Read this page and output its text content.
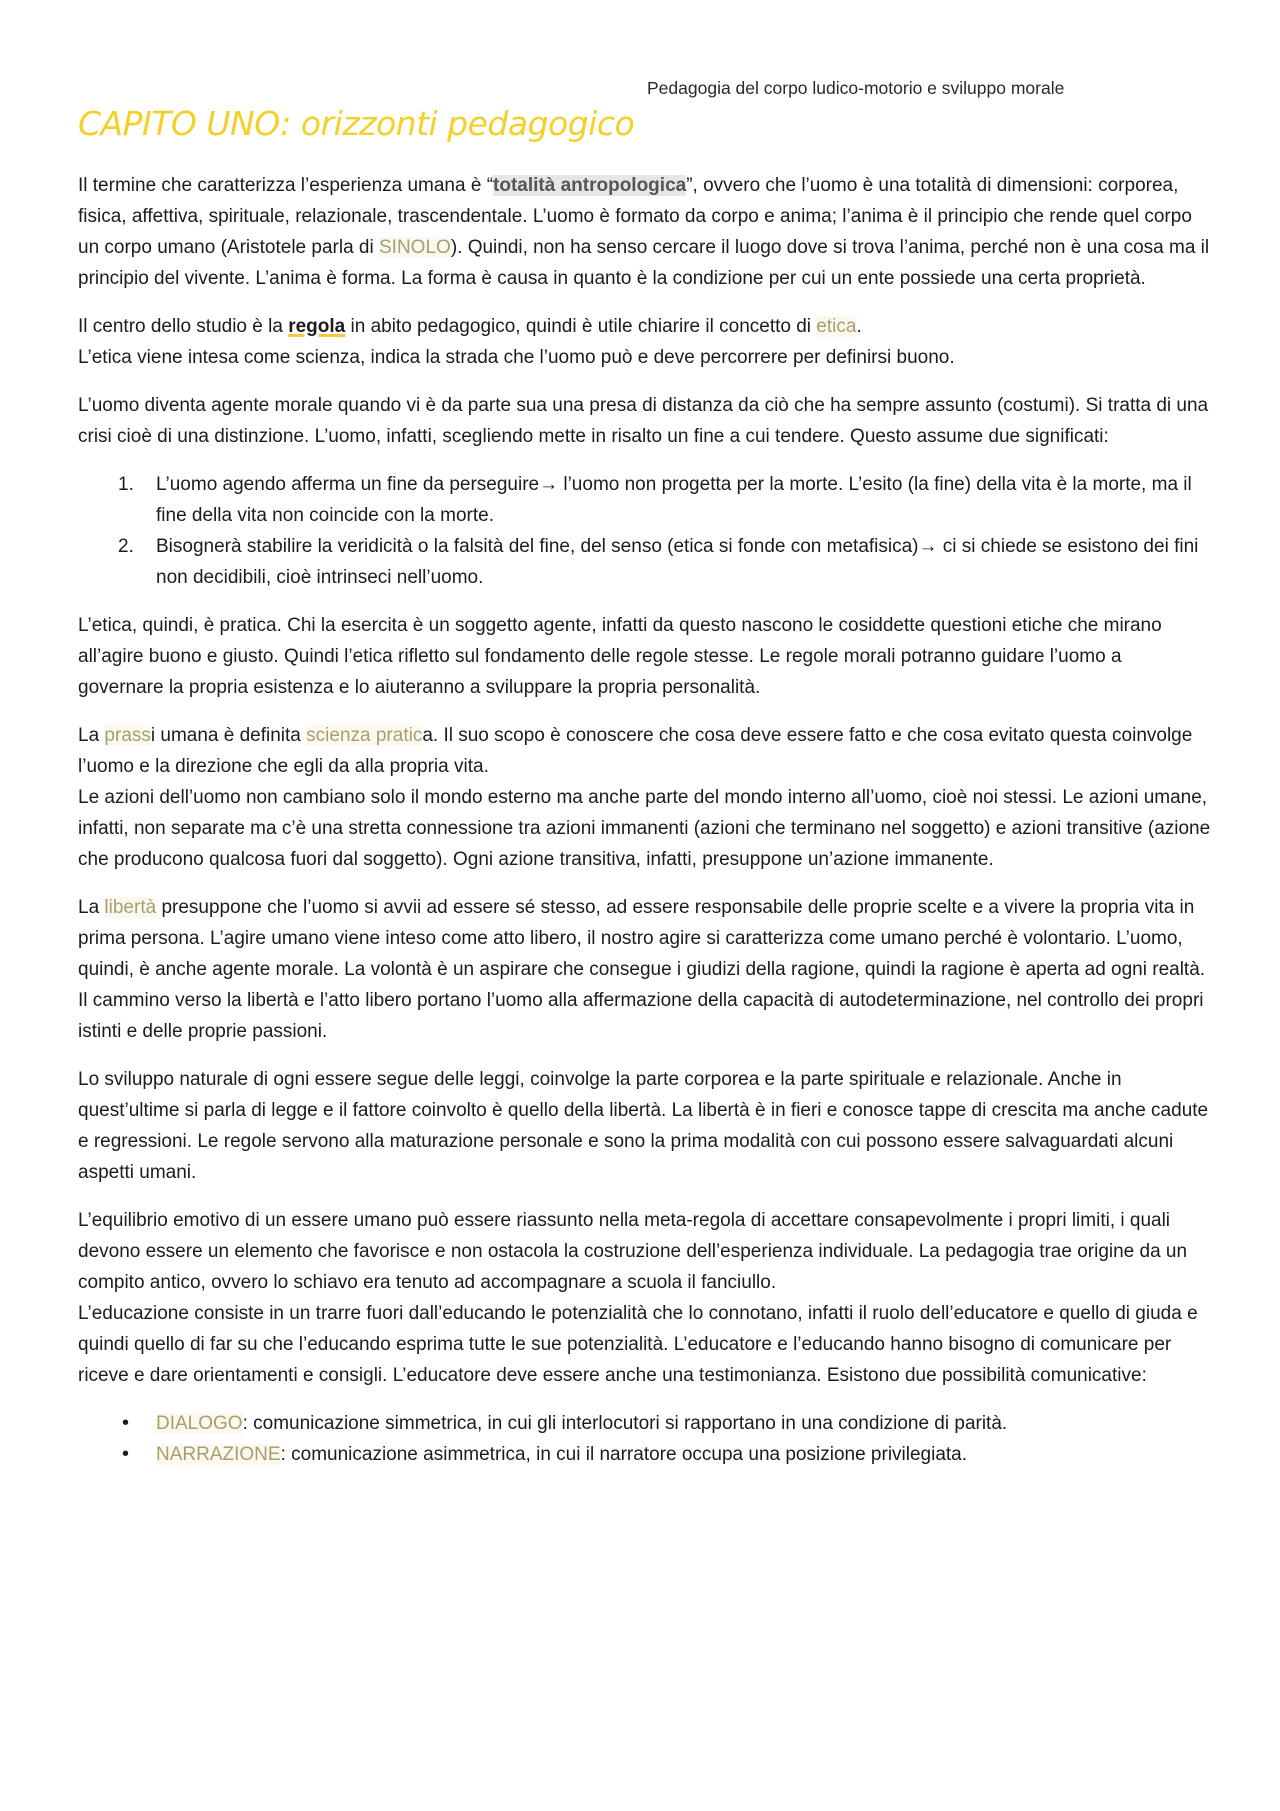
Pedagogia del corpo ludico-motorio e sviluppo morale
CAPITO UNO: orizzonti pedagogico

Il termine che caratterizza l’esperienza umana è “totalità antropologica”, ovvero che l’uomo è una totalità di dimensioni: corporea, fisica, affettiva, spirituale, relazionale, trascendentale. L’uomo è formato da corpo e anima; l’anima è il principio che rende quel corpo un corpo umano (Aristotele parla di SINOLO). Quindi, non ha senso cercare il luogo dove si trova l’anima, perché non è una cosa ma il principio del vivente. L’anima è forma. La forma è causa in quanto è la condizione per cui un ente possiede una certa proprietà.

Il centro dello studio è la regola in abito pedagogico, quindi è utile chiarire il concetto di etica.
L’etica viene intesa come scienza, indica la strada che l’uomo può e deve percorrere per definirsi buono.

L’uomo diventa agente morale quando vi è da parte sua una presa di distanza da ciò che ha sempre assunto (costumi). Si tratta di una crisi cioè di una distinzione. L’uomo, infatti, scegliendo mette in risalto un fine a cui tendere. Questo assume due significati:

1. L’uomo agendo afferma un fine da perseguire→ l’uomo non progetta per la morte. L’esito (la fine) della vita è la morte, ma il fine della vita non coincide con la morte.
2. Bisognerà stabilire la veridicità o la falsità del fine, del senso (etica si fonde con metafisica)→ ci si chiede se esistono dei fini non decidibili, cioè intrinseci nell’uomo.

L’etica, quindi, è pratica. Chi la esercita è un soggetto agente, infatti da questo nascono le cosiddette questioni etiche che mirano all’agire buono e giusto. Quindi l’etica rifletto sul fondamento delle regole stesse. Le regole morali potranno guidare l’uomo a governare la propria esistenza e lo aiuteranno a sviluppare la propria personalità.

La prassi umana è definita scienza pratica. Il suo scopo è conoscere che cosa deve essere fatto e che cosa evitato questa coinvolge l’uomo e la direzione che egli da alla propria vita.
Le azioni dell’uomo non cambiano solo il mondo esterno ma anche parte del mondo interno all’uomo, cioè noi stessi. Le azioni umane, infatti, non separate ma c’è una stretta connessione tra azioni immanenti (azioni che terminano nel soggetto) e azioni transitive (azione che producono qualcosa fuori dal soggetto). Ogni azione transitiva, infatti, presuppone un’azione immanente.

La libertà presuppone che l’uomo si avvii ad essere sé stesso, ad essere responsabile delle proprie scelte e a vivere la propria vita in prima persona. L’agire umano viene inteso come atto libero, il nostro agire si caratterizza come umano perché è volontario. L’uomo, quindi, è anche agente morale. La volontà è un aspirare che consegue i giudizi della ragione, quindi la ragione è aperta ad ogni realtà. Il cammino verso la libertà e l’atto libero portano l’uomo alla affermazione della capacità di autodeterminazione, nel controllo dei propri istinti e delle proprie passioni.

Lo sviluppo naturale di ogni essere segue delle leggi, coinvolge la parte corporea e la parte spirituale e relazionale. Anche in quest’ultime si parla di legge e il fattore coinvolto è quello della libertà. La libertà è in fieri e conosce tappe di crescita ma anche cadute e regressioni. Le regole servono alla maturazione personale e sono la prima modalità con cui possono essere salvaguardati alcuni aspetti umani.

L’equilibrio emotivo di un essere umano può essere riassunto nella meta-regola di accettare consapevolmente i propri limiti, i quali devono essere un elemento che favorisce e non ostacola la costruzione dell’esperienza individuale. La pedagogia trae origine da un compito antico, ovvero lo schiavo era tenuto ad accompagnare a scuola il fanciullo.
L’educazione consiste in un trarre fuori dall’educando le potenzialità che lo connotano, infatti il ruolo dell’educatore e quello di giuda e quindi quello di far su che l’educando esprima tutte le sue potenzialità. L’educatore e l’educando hanno bisogno di comunicare per riceve e dare orientamenti e consigli. L’educatore deve essere anche una testimonianza. Esistono due possibilità comunicative:

• DIALOGO: comunicazione simmetrica, in cui gli interlocutori si rapportano in una condizione di parità.
• NARRAZIONE: comunicazione asimmetrica, in cui il narratore occupa una posizione privilegiata.
